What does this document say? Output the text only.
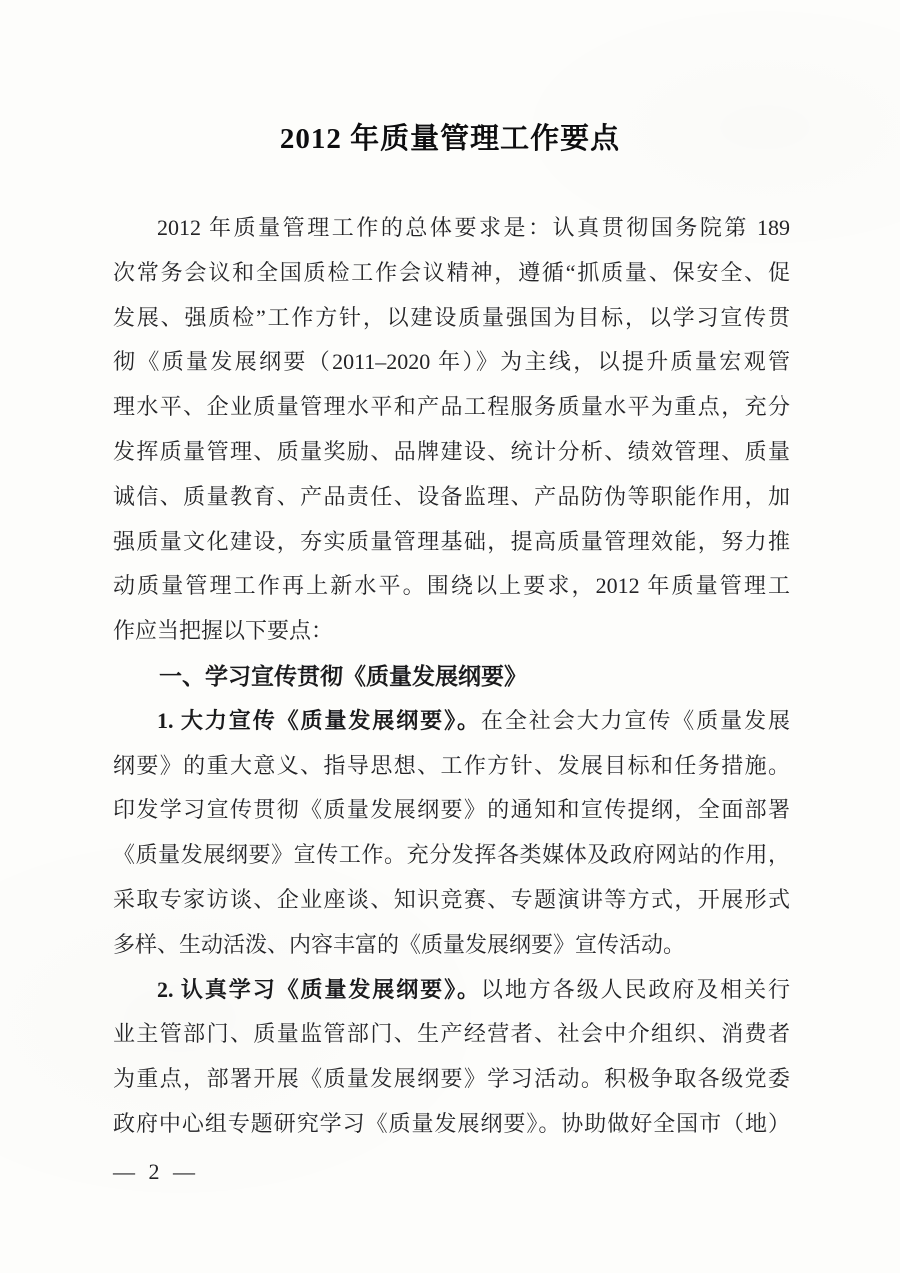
2012 年质量管理工作要点
2012 年质量管理工作的总体要求是：认真贯彻国务院第 189
次常务会议和全国质检工作会议精神，遵循“抓质量、保安全、促
发展、强质检”工作方针，以建设质量强国为目标，以学习宣传贯
彻《质量发展纲要（2011–2020 年）》为主线，以提升质量宏观管
理水平、企业质量管理水平和产品工程服务质量水平为重点，充分
发挥质量管理、质量奖励、品牌建设、统计分析、绩效管理、质量
诚信、质量教育、产品责任、设备监理、产品防伪等职能作用，加
强质量文化建设，夯实质量管理基础，提高质量管理效能，努力推
动质量管理工作再上新水平。围绕以上要求，2012 年质量管理工
作应当把握以下要点：
一、学习宣传贯彻《质量发展纲要》
1. 大力宣传《质量发展纲要》。在全社会大力宣传《质量发展
纲要》的重大意义、指导思想、工作方针、发展目标和任务措施。
印发学习宣传贯彻《质量发展纲要》的通知和宣传提纲，全面部署
《质量发展纲要》宣传工作。充分发挥各类媒体及政府网站的作用，
采取专家访谈、企业座谈、知识竞赛、专题演讲等方式，开展形式
多样、生动活泼、内容丰富的《质量发展纲要》宣传活动。
2. 认真学习《质量发展纲要》。以地方各级人民政府及相关行
业主管部门、质量监管部门、生产经营者、社会中介组织、消费者
为重点，部署开展《质量发展纲要》学习活动。积极争取各级党委
政府中心组专题研究学习《质量发展纲要》。协助做好全国市（地）
— 2 —
